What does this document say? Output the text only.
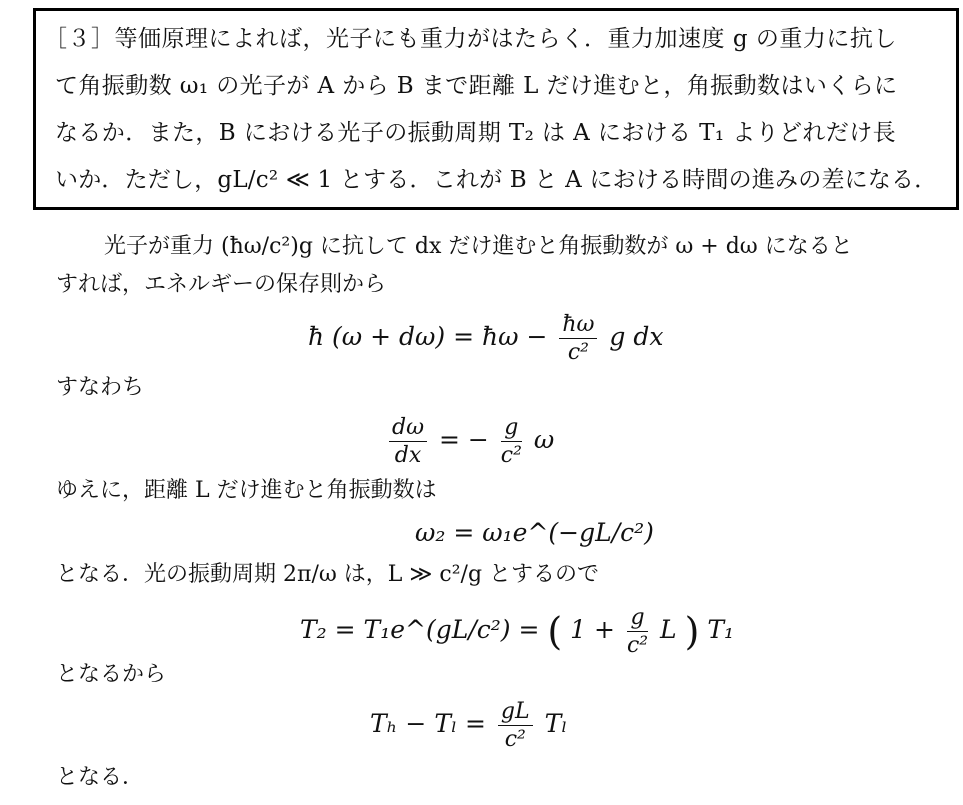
［３］等価原理によれば，光子にも重力がはたらく．重力加速度 g の重力に抗し
て角振動数 ω₁ の光子が A から B まで距離 L だけ進むと，角振動数はいくらに
なるか．また，B における光子の振動周期 T₂ は A における T₁ よりどれだけ長
いか．ただし，gL/c² ≪ 1 とする．これが B と A における時間の進みの差になる．
光子が重力 (ħω/c²)g に抗して dx だけ進むと角振動数が ω + dω になると
すれば，エネルギーの保存則から
ħ (ω + dω) = ħω − $\frac{ħ\omega}{\text{c²}}$ g dx
すなわち
$\frac{d\omega}{dx}$ = − $\frac{g}{\text{c²}}$ ω
ゆえに，距離 L だけ進むと角振動数は
ω₂ = ω₁e^(−gL/c²)
となる．光の振動周期 2π/ω は，L ≫ c²/g とするので
T₂ = T₁e^(gL/c²) = ( $1 + \frac{g}{\text{c²}}$ L ) T₁
となるから
$T_h - T_l = \frac{gL}{\text{c²}}$ Tₗ
となる．
